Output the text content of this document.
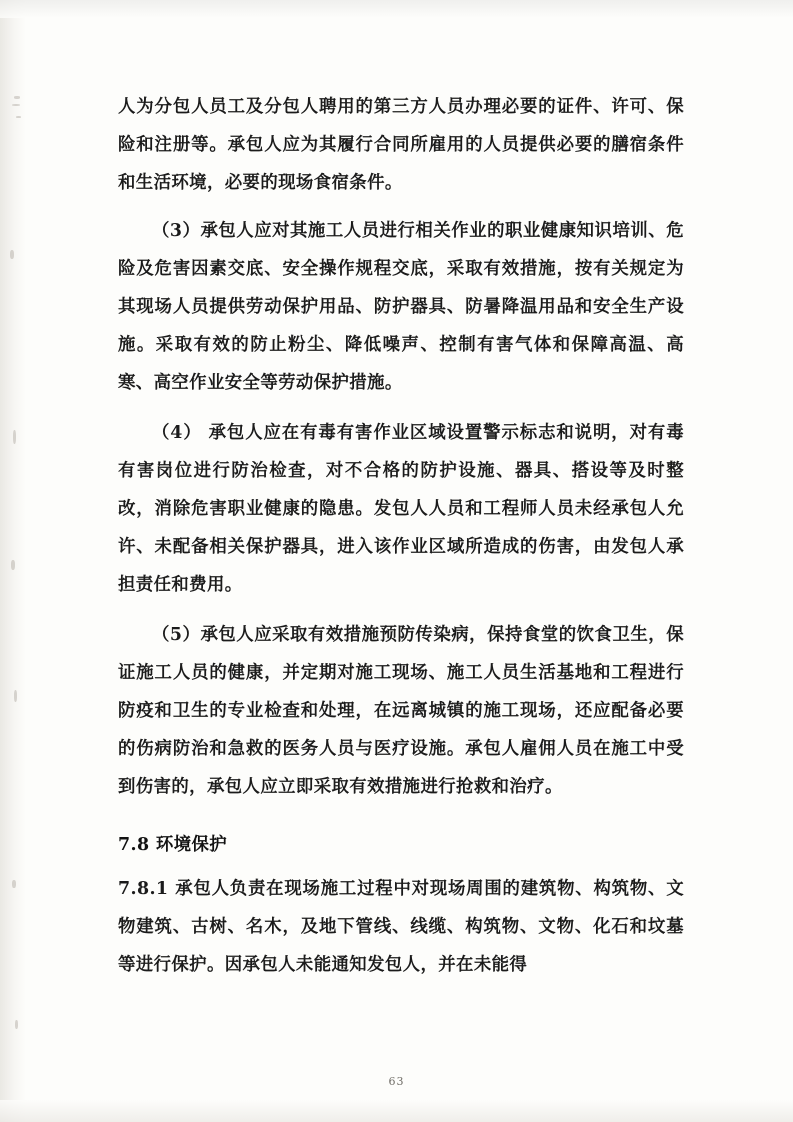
人为分包人员工及分包人聘用的第三方人员办理必要的证件、许可、保险和注册等。承包人应为其履行合同所雇用的人员提供必要的膳宿条件和生活环境，必要的现场食宿条件。

（3）承包人应对其施工人员进行相关作业的职业健康知识培训、危险及危害因素交底、安全操作规程交底，采取有效措施，按有关规定为其现场人员提供劳动保护用品、防护器具、防暑降温用品和安全生产设施。采取有效的防止粉尘、降低噪声、控制有害气体和保障高温、高寒、高空作业安全等劳动保护措施。

（4） 承包人应在有毒有害作业区域设置警示标志和说明，对有毒有害岗位进行防治检查，对不合格的防护设施、器具、搭设等及时整改，消除危害职业健康的隐患。发包人人员和工程师人员未经承包人允许、未配备相关保护器具，进入该作业区域所造成的伤害，由发包人承担责任和费用。

（5）承包人应采取有效措施预防传染病，保持食堂的饮食卫生，保证施工人员的健康，并定期对施工现场、施工人员生活基地和工程进行防疫和卫生的专业检查和处理，在远离城镇的施工现场，还应配备必要的伤病防治和急救的医务人员与医疗设施。承包人雇佣人员在施工中受到伤害的，承包人应立即采取有效措施进行抢救和治疗。

7.8 环境保护

7.8.1 承包人负责在现场施工过程中对现场周围的建筑物、构筑物、文物建筑、古树、名木，及地下管线、线缆、构筑物、文物、化石和坟墓等进行保护。因承包人未能通知发包人，并在未能得

63
